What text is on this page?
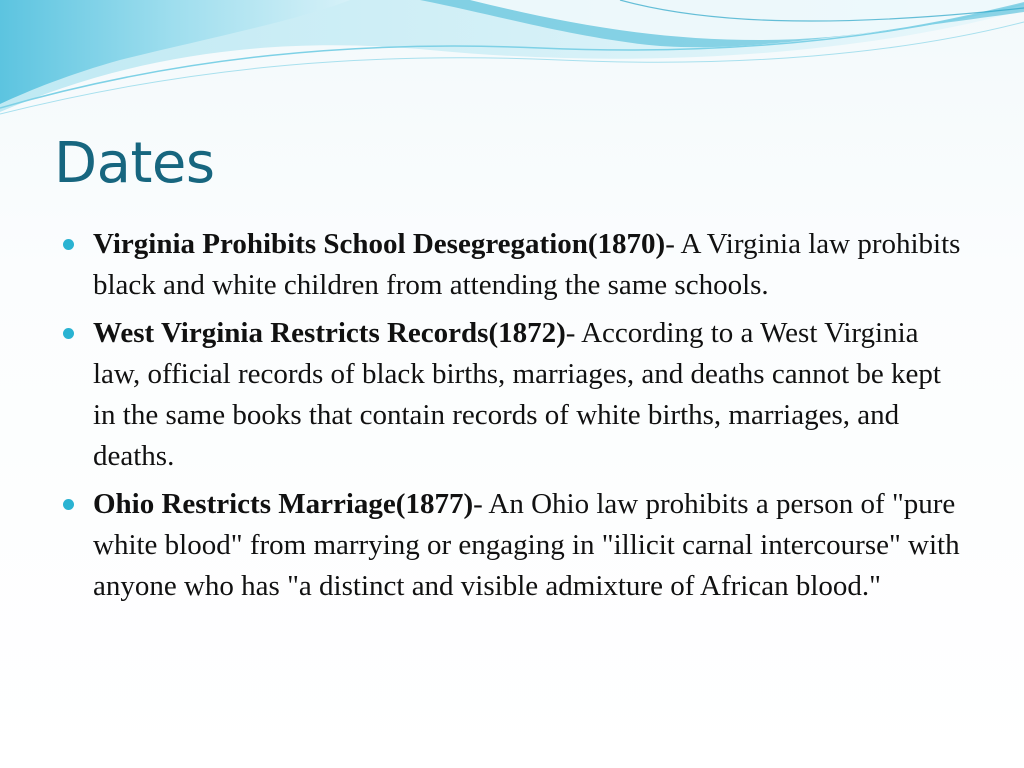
Dates
Virginia Prohibits School Desegregation(1870)- A Virginia law prohibits black and white children from attending the same schools.
West Virginia Restricts Records(1872)- According to a West Virginia law, official records of black births, marriages, and deaths cannot be kept in the same books that contain records of white births, marriages, and deaths.
Ohio Restricts Marriage(1877)- An Ohio law prohibits a person of "pure white blood" from marrying or engaging in "illicit carnal intercourse" with anyone who has "a distinct and visible admixture of African blood."
